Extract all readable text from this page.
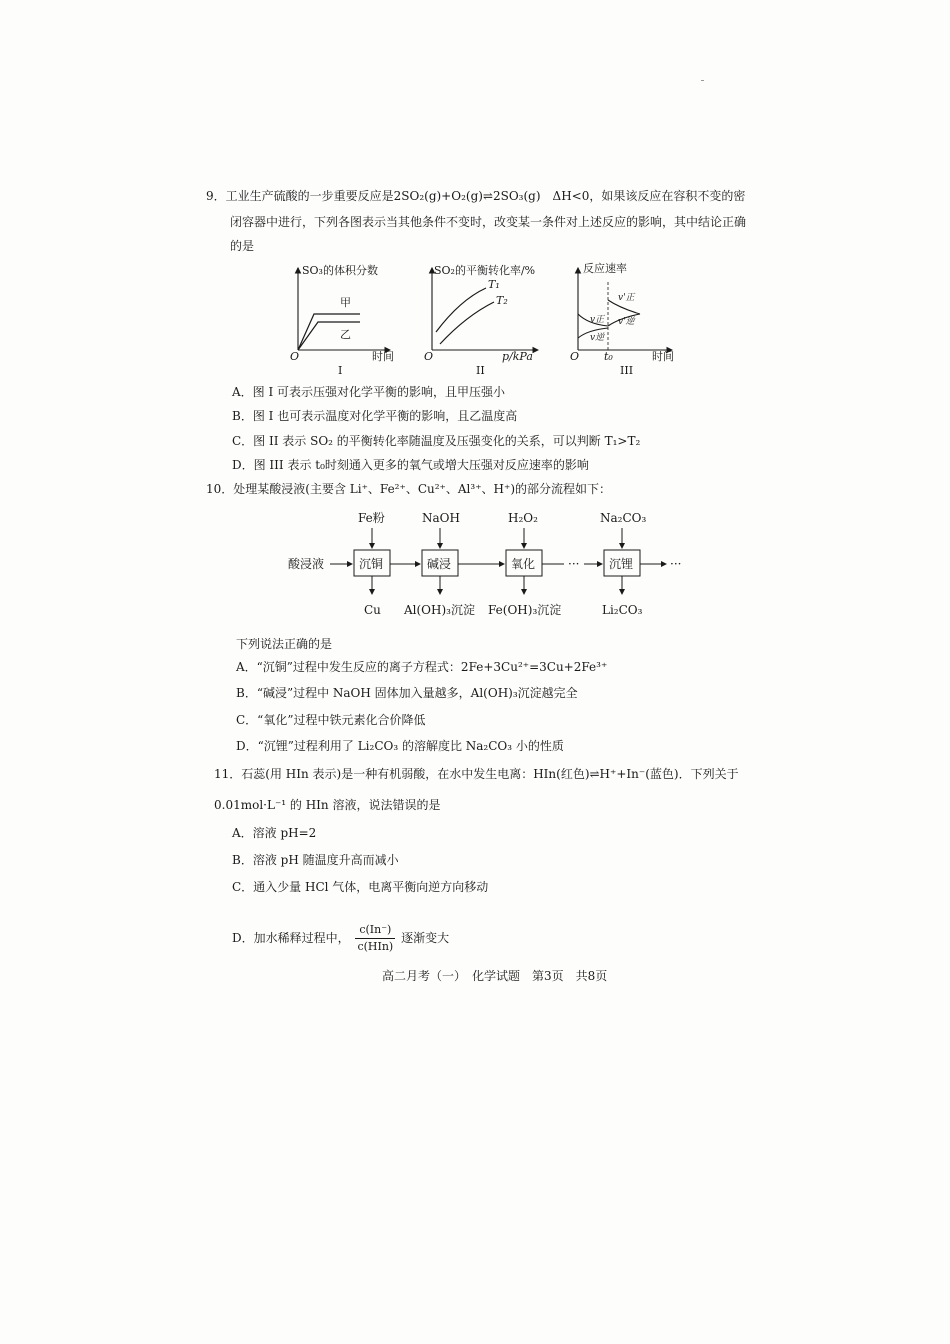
9．工业生产硫酸的一步重要反应是2SO₂(g)+O₂(g)⇌2SO₃(g)　ΔH<0，如果该反应在容积不变的密
闭容器中进行，下列各图表示当其他条件不变时，改变某一条件对上述反应的影响，其中结论正确
的是
SO₃的体积分数
O	时间
甲
乙
I
SO₂的平衡转化率/%
O	p/kPa
T₁
T₂
II
反应速率
O t₀	时间
v正
v逆
v'正
v'逆
III
A．图 I 可表示压强对化学平衡的影响，且甲压强小
B．图 I 也可表示温度对化学平衡的影响，且乙温度高
C．图 II 表示 SO₂ 的平衡转化率随温度及压强变化的关系，可以判断 T₁>T₂
D．图 III 表示 t₀时刻通入更多的氧气或增大压强对反应速率的影响
10．处理某酸浸液(主要含 Li⁺、Fe²⁺、Cu²⁺、Al³⁺、H⁺)的部分流程如下：
酸浸液
Fe粉
沉铜
Cu
NaOH
碱浸
Al(OH)₃沉淀
H₂O₂
氧化
Fe(OH)₃沉淀
···
Na₂CO₃
沉锂
Li₂CO₃
···
下列说法正确的是
A．“沉铜”过程中发生反应的离子方程式：2Fe+3Cu²⁺=3Cu+2Fe³⁺
B．“碱浸”过程中 NaOH 固体加入量越多，Al(OH)₃沉淀越完全
C．“氧化”过程中铁元素化合价降低
D．“沉锂”过程利用了 Li₂CO₃ 的溶解度比 Na₂CO₃ 小的性质
11．石蕊(用 HIn 表示)是一种有机弱酸，在水中发生电离：HIn(红色)⇌H⁺+In⁻(蓝色)．下列关于
0.01mol·L⁻¹ 的 HIn 溶液，说法错误的是
A．溶液 pH=2
B．溶液 pH 随温度升高而减小
C．通入少量 HCl 气体，电离平衡向逆方向移动
D．加水稀释过程中， $\frac{c(In^-)}{\text{c(HIn)}}$ 逐渐变大
高二月考（一）　化学试题　第3页　共8页
